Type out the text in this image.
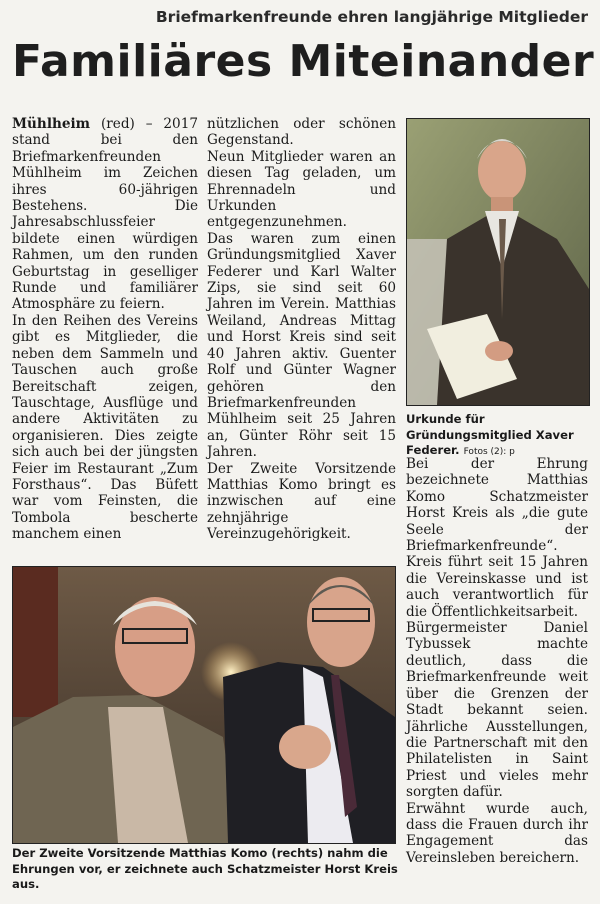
Briefmarkenfreunde ehren langjährige Mitglieder
Familiäres Miteinander

Mühlheim (red) – 2017 stand bei den Briefmarkenfreunden Mühlheim im Zeichen ihres 60-jährigen Bestehens. Die Jahresabschlussfeier bildete einen würdigen Rahmen, um den runden Geburtstag in geselliger Runde und familiärer Atmosphäre zu feiern.

In den Reihen des Vereins gibt es Mitglieder, die neben dem Sammeln und Tauschen auch große Bereitschaft zeigen, Tauschtage, Ausflüge und andere Aktivitäten zu organisieren. Dies zeigte sich auch bei der jüngsten Feier im Restaurant „Zum Forsthaus“. Das Büfett war vom Feinsten, die Tombola bescherte manchem einen

nützlichen oder schönen Gegenstand.

Neun Mitglieder waren an diesen Tag geladen, um Ehrennadeln und Urkunden entgegenzunehmen.

Das waren zum einen Gründungsmitglied Xaver Federer und Karl Walter Zips, sie sind seit 60 Jahren im Verein. Matthias Weiland, Andreas Mittag und Horst Kreis sind seit 40 Jahren aktiv. Guenter Rolf und Günter Wagner gehören den Briefmarkenfreunden Mühlheim seit 25 Jahren an, Günter Röhr seit 15 Jahren.

Der Zweite Vorsitzende Matthias Komo bringt es inzwischen auf eine zehnjährige Vereinzugehörigkeit.

Urkunde für Gründungsmitglied Xaver Federer. Fotos (2): p

Bei der Ehrung bezeichnete Matthias Komo Schatzmeister Horst Kreis als „die gute Seele der Briefmarkenfreunde“. Kreis führt seit 15 Jahren die Vereinskasse und ist auch verantwortlich für die Öffentlichkeitsarbeit.

Bürgermeister Daniel Tybussek machte deutlich, dass die Briefmarkenfreunde weit über die Grenzen der Stadt bekannt seien. Jährliche Ausstellungen, die Partnerschaft mit den Philatelisten in Saint Priest und vieles mehr sorgten dafür.

Erwähnt wurde auch, dass die Frauen durch ihr Engagement das Vereinsleben bereichern.

Der Zweite Vorsitzende Matthias Komo (rechts) nahm die Ehrungen vor, er zeichnete auch Schatzmeister Horst Kreis aus.
